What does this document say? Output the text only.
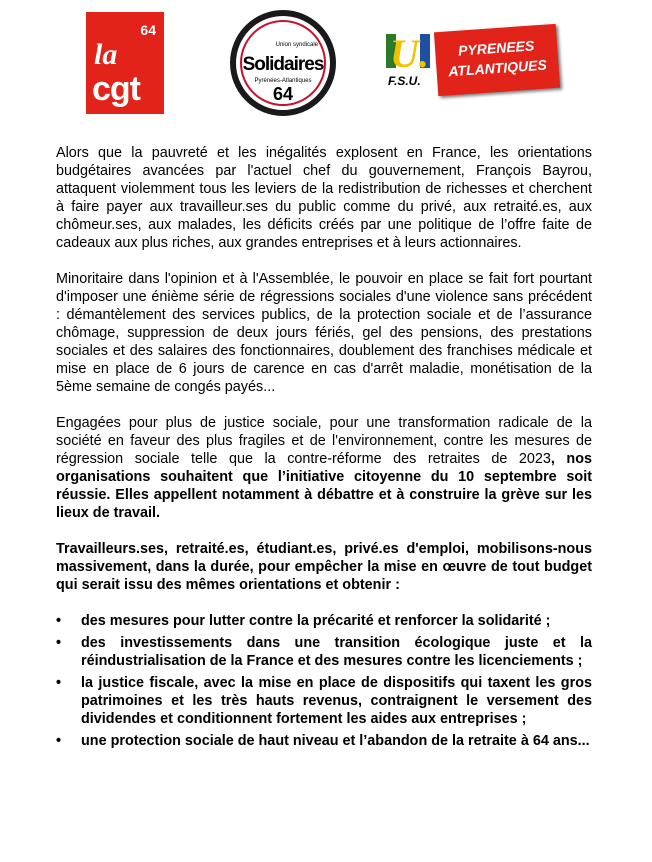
64
la
cgt
Union syndicale
Solidaires
Pyrénées-Atlantiques
64
U.
F.S.U.
PYRENEES
ATLANTIQUES

Alors que la pauvreté et les inégalités explosent en France, les orientations budgétaires avancées par l'actuel chef du gouvernement, François Bayrou, attaquent violemment tous les leviers de la redistribution de richesses et cherchent à faire payer aux travailleur.ses du public comme du privé, aux retraité.es, aux chômeur.ses, aux malades, les déficits créés par une politique de l’offre faite de cadeaux aux plus riches, aux grandes entreprises et à leurs actionnaires.

Minoritaire dans l'opinion et à l'Assemblée, le pouvoir en place se fait fort pourtant d'imposer une énième série de régressions sociales d'une violence sans précédent : démantèlement des services publics, de la protection sociale et de l’assurance chômage, suppression de deux jours fériés, gel des pensions, des prestations sociales et des salaires des fonctionnaires, doublement des franchises médicale et mise en place de 6 jours de carence en cas d'arrêt maladie, monétisation de la 5ème semaine de congés payés...

Engagées pour plus de justice sociale, pour une transformation radicale de la société en faveur des plus fragiles et de l'environnement, contre les mesures de régression sociale telle que la contre-réforme des retraites de 2023, nos organisations souhaitent que l’initiative citoyenne du 10 septembre soit réussie. Elles appellent notamment à débattre et à construire la grève sur les lieux de travail.

Travailleurs.ses, retraité.es, étudiant.es, privé.es d'emploi, mobilisons-nous massivement, dans la durée, pour empêcher la mise en œuvre de tout budget qui serait issu des mêmes orientations et obtenir :

• des mesures pour lutter contre la précarité et renforcer la solidarité ;
• des investissements dans une transition écologique juste et la réindustrialisation de la France et des mesures contre les licenciements ;
• la justice fiscale, avec la mise en place de dispositifs qui taxent les gros patrimoines et les très hauts revenus, contraignent le versement des dividendes et conditionnent fortement les aides aux entreprises ;
• une protection sociale de haut niveau et l’abandon de la retraite à 64 ans...
